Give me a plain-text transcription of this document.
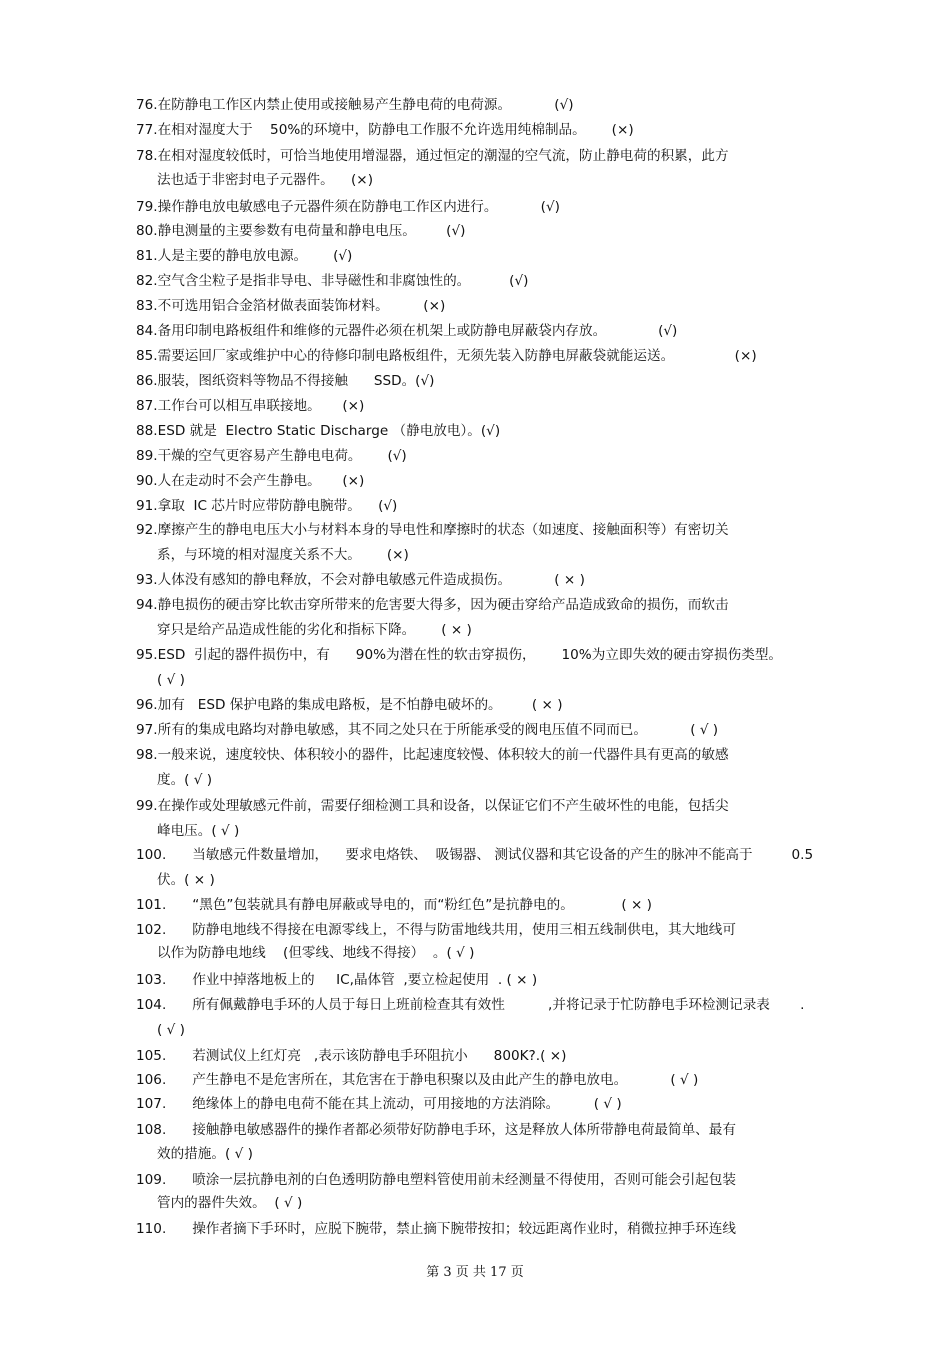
76.在防静电工作区内禁止使用或接触易产生静电荷的电荷源。          (√)
77.在相对湿度大于    50%的环境中，防静电工作服不允许选用纯棉制品。      (×)
78.在相对湿度较低时，可恰当地使用增湿器，通过恒定的潮湿的空气流，防止静电荷的积累，此方
法也适于非密封电子元器件。    (×)
79.操作静电放电敏感电子元器件须在防静电工作区内进行。          (√)
80.静电测量的主要参数有电荷量和静电电压。       (√)
81.人是主要的静电放电源。      (√)
82.空气含尘粒子是指非导电、非导磁性和非腐蚀性的。         (√)
83.不可选用铝合金箔材做表面装饰材料。        (×)
84.备用印制电路板组件和维修的元器件必须在机架上或防静电屏蔽袋内存放。            (√)
85.需要运回厂家或维护中心的待修印制电路板组件，无须先装入防静电屏蔽袋就能运送。              (×)
86.服装，图纸资料等物品不得接触      SSD。(√)
87.工作台可以相互串联接地。     (×)
88.ESD 就是  Electro Static Discharge （静电放电）。(√)
89.干燥的空气更容易产生静电电荷。      (√)
90.人在走动时不会产生静电。     (×)
91.拿取  IC 芯片时应带防静电腕带。    (√)
92.摩擦产生的静电电压大小与材料本身的导电性和摩擦时的状态（如速度、接触面积等）有密切关
系，与环境的相对湿度关系不大。      (×)
93.人体没有感知的静电释放，不会对静电敏感元件造成损伤。          ( × )
94.静电损伤的硬击穿比软击穿所带来的危害要大得多，因为硬击穿给产品造成致命的损伤，而软击
穿只是给产品造成性能的劣化和指标下降。      ( × )
95.ESD  引起的器件损伤中，有      90%为潜在性的软击穿损伤，      10%为立即失效的硬击穿损伤类型。
( √ )
96.加有   ESD 保护电路的集成电路板，是不怕静电破坏的。       ( × )
97.所有的集成电路均对静电敏感，其不同之处只在于所能承受的阀电压值不同而已。          ( √ )
98.一般来说，速度较快、体积较小的器件，比起速度较慢、体积较大的前一代器件具有更高的敏感
度。( √ )
99.在操作或处理敏感元件前，需要仔细检测工具和设备，以保证它们不产生破坏性的电能，包括尖
峰电压。( √ )
100.      当敏感元件数量增加，    要求电烙铁、  吸锡器、 测试仪器和其它设备的产生的脉冲不能高于         0.5
伏。( × )
101.      “黑色”包装就具有静电屏蔽或导电的，而“粉红色”是抗静电的。           ( × )
102.      防静电地线不得接在电源零线上，不得与防雷地线共用，使用三相五线制供电，其大地线可
以作为防静电地线    (但零线、地线不得接）  。( √ )
103.      作业中掉落地板上的     IC,晶体管  ,要立检起使用  . ( × )
104.      所有佩戴静电手环的人员于每日上班前检查其有效性          ,并将记录于忙防静电手环检测记录表       .
( √ )
105.      若测试仪上红灯亮   ,表示该防静电手环阻抗小      800K?.( ×)
106.      产生静电不是危害所在，其危害在于静电积聚以及由此产生的静电放电。          ( √ )
107.      绝缘体上的静电电荷不能在其上流动，可用接地的方法消除。        ( √ )
108.      接触静电敏感器件的操作者都必须带好防静电手环，这是释放人体所带静电荷最简单、最有
效的措施。( √ )
109.      喷涂一层抗静电剂的白色透明防静电塑料管使用前未经测量不得使用，否则可能会引起包装
管内的器件失效。  ( √ )
110.      操作者摘下手环时，应脱下腕带，禁止摘下腕带按扣；较远距离作业时，稍微拉抻手环连线
第 3 页 共 17 页
